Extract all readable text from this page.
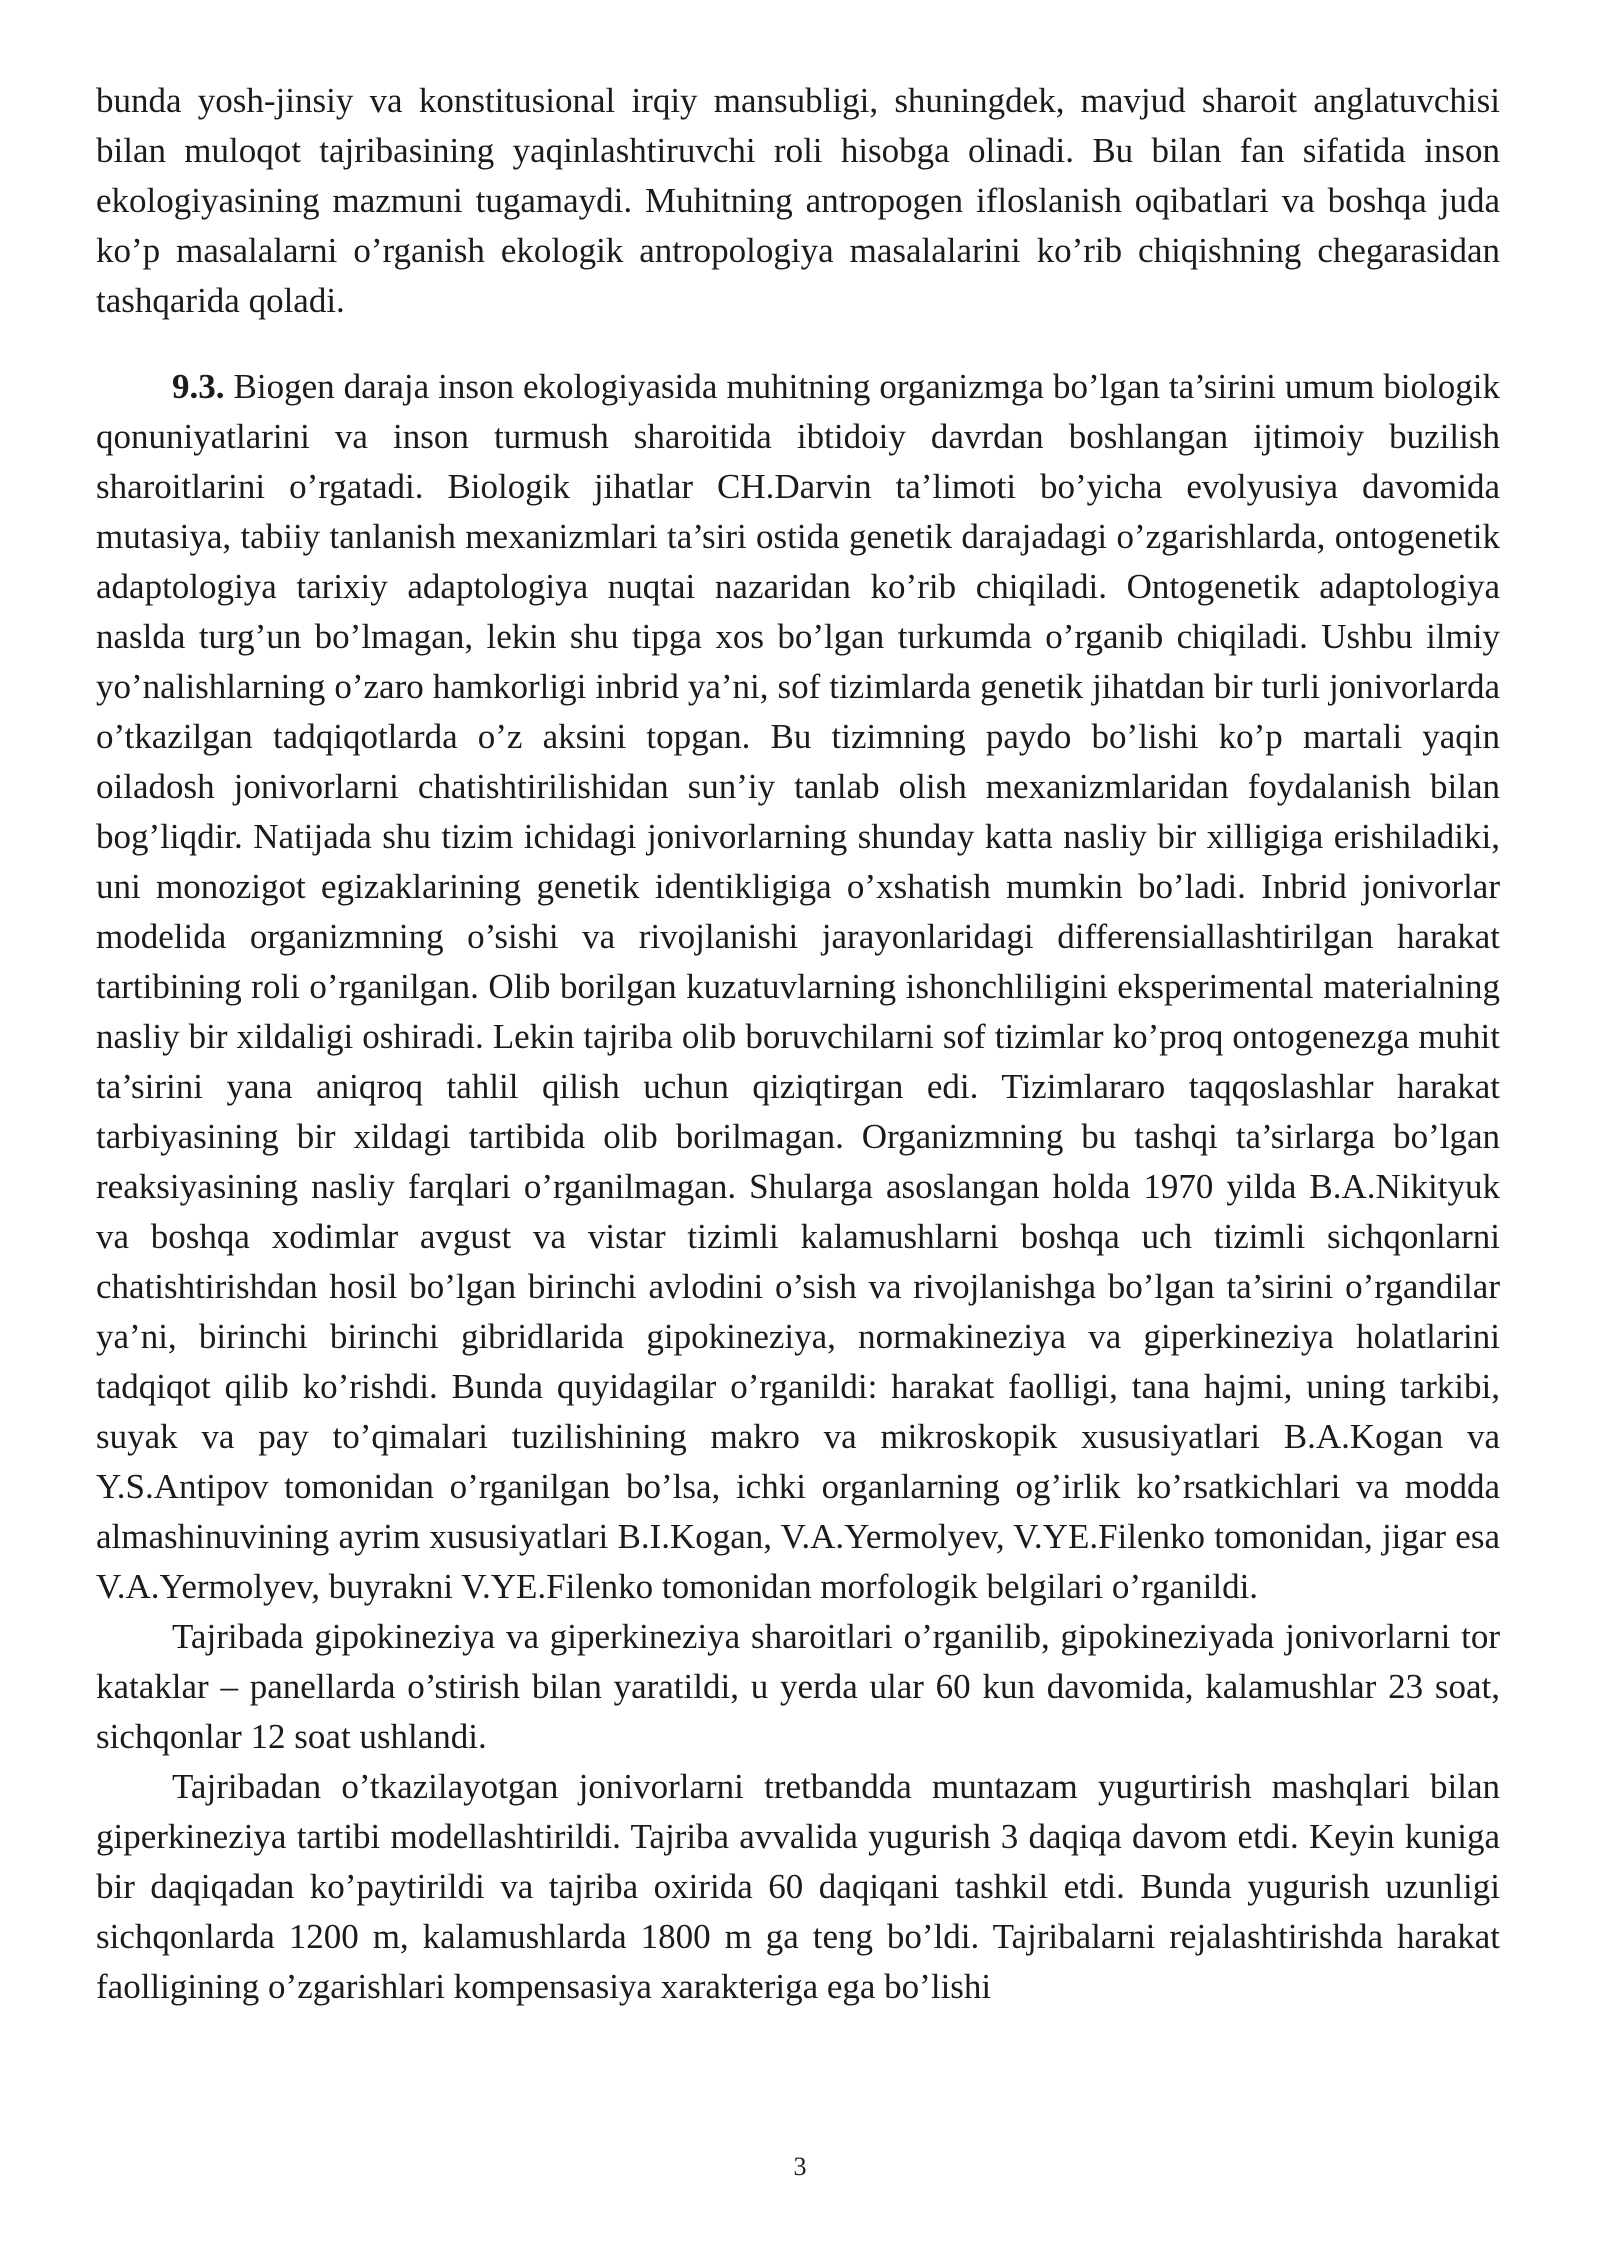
bunda yosh-jinsiy va konstitusional irqiy mansubligi, shuningdek, mavjud sharoit anglatuvchisi bilan muloqot tajribasining yaqinlashtiruvchi roli hisobga olinadi. Bu bilan fan sifatida inson ekologiyasining mazmuni tugamaydi. Muhitning antropogen ifloslanish oqibatlari va boshqa juda ko’p masalalarni o’rganish ekologik antropologiya masalalarini ko’rib chiqishning chegarasidan tashqarida qoladi.

9.3. Biogen daraja inson ekologiyasida muhitning organizmga bo’lgan ta’sirini umum biologik qonuniyatlarini va inson turmush sharoitida ibtidoiy davrdan boshlangan ijtimoiy buzilish sharoitlarini o’rgatadi. Biologik jihatlar CH.Darvin ta’limoti bo’yicha evolyusiya davomida mutasiya, tabiiy tanlanish mexanizmlari ta’siri ostida genetik darajadagi o’zgarishlarda, ontogenetik adaptologiya tarixiy adaptologiya nuqtai nazaridan ko’rib chiqiladi. Ontogenetik adaptologiya naslda turg’un bo’lmagan, lekin shu tipga xos bo’lgan turkumda o’rganib chiqiladi. Ushbu ilmiy yo’nalishlarning o’zaro hamkorligi inbrid ya’ni, sof tizimlarda genetik jihatdan bir turli jonivorlarda o’tkazilgan tadqiqotlarda o’z aksini topgan. Bu tizimning paydo bo’lishi ko’p martali yaqin oiladosh jonivorlarni chatishtirilishidan sun’iy tanlab olish mexanizmlaridan foydalanish bilan bog’liqdir. Natijada shu tizim ichidagi jonivorlarning shunday katta nasliy bir xilligiga erishiladiki, uni monozigot egizaklarining genetik identikligiga o’xshatish mumkin bo’ladi. Inbrid jonivorlar modelida organizmning o’sishi va rivojlanishi jarayonlaridagi differensiallashtirilgan harakat tartibining roli o’rganilgan. Olib borilgan kuzatuvlarning ishonchliligini eksperimental materialning nasliy bir xildaligi oshiradi. Lekin tajriba olib boruvchilarni sof tizimlar ko’proq ontogenezga muhit ta’sirini yana aniqroq tahlil qilish uchun qiziqtirgan edi. Tizimlararo taqqoslashlar harakat tarbiyasining bir xildagi tartibida olib borilmagan. Organizmning bu tashqi ta’sirlarga bo’lgan reaksiyasining nasliy farqlari o’rganilmagan. Shularga asoslangan holda 1970 yilda B.A.Nikityuk va boshqa xodimlar avgust va vistar tizimli kalamushlarni boshqa uch tizimli sichqonlarni chatishtirishdan hosil bo’lgan birinchi avlodini o’sish va rivojlanishga bo’lgan ta’sirini o’rgandilar ya’ni, birinchi birinchi gibridlarida gipokineziya, normakineziya va giperkineziya holatlarini tadqiqot qilib ko’rishdi. Bunda quyidagilar o’rganildi: harakat faolligi, tana hajmi, uning tarkibi, suyak va pay to’qimalari tuzilishining makro va mikroskopik xususiyatlari B.A.Kogan va Y.S.Antipov tomonidan o’rganilgan bo’lsa, ichki organlarning og’irlik ko’rsatkichlari va modda almashinuvining ayrim xususiyatlari B.I.Kogan, V.A.Yermolyev, V.YE.Filenko tomonidan, jigar esa V.A.Yermolyev, buyrakni V.YE.Filenko tomonidan morfologik belgilari o’rganildi.

Tajribada gipokineziya va giperkineziya sharoitlari o’rganilib, gipokineziyada jonivorlarni tor kataklar – panellarda o’stirish bilan yaratildi, u yerda ular 60 kun davomida, kalamushlar 23 soat, sichqonlar 12 soat ushlandi.

Tajribadan o’tkazilayotgan jonivorlarni tretbandda muntazam yugurtirish mashqlari bilan giperkineziya tartibi modellashtirildi. Tajriba avvalida yugurish 3 daqiqa davom etdi. Keyin kuniga bir daqiqadan ko’paytirildi va tajriba oxirida 60 daqiqani tashkil etdi. Bunda yugurish uzunligi sichqonlarda 1200 m, kalamushlarda 1800 m ga teng bo’ldi. Tajribalarni rejalashtirishda harakat faolligining o’zgarishlari kompensasiya xarakteriga ega bo’lishi

3
